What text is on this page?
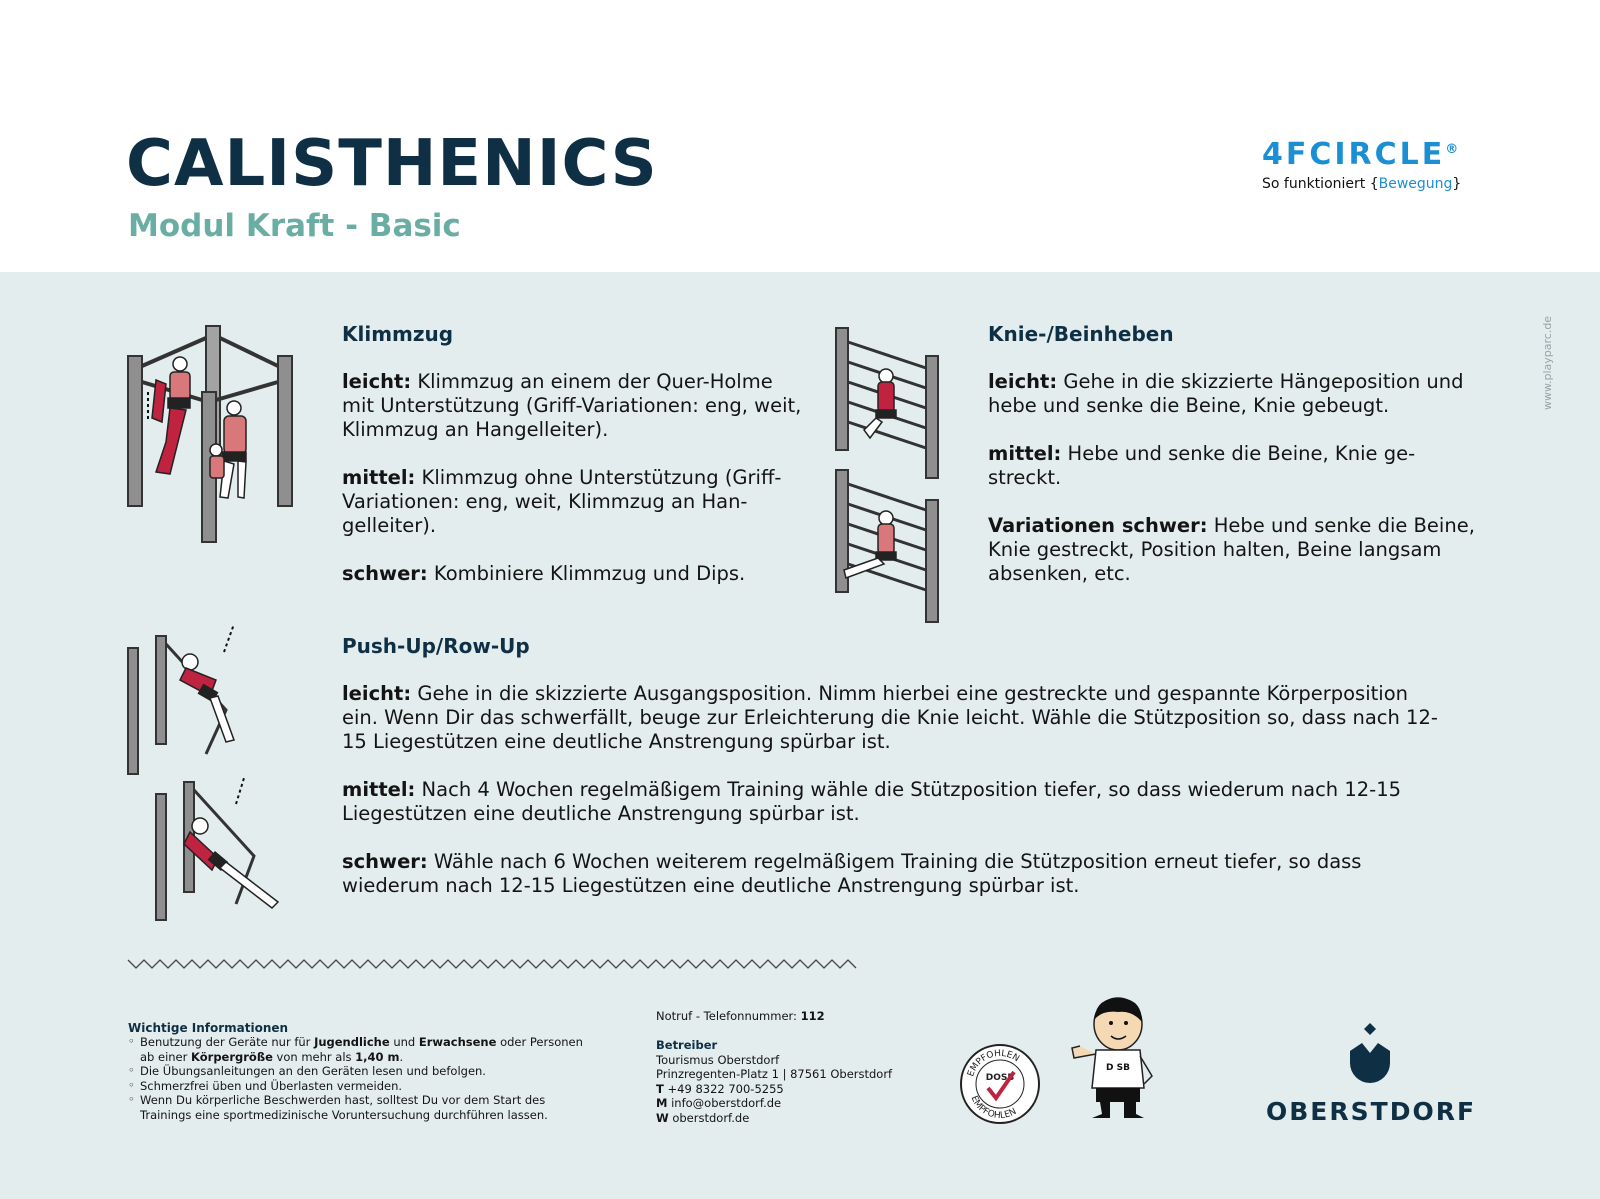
CALISTHENICS
Modul Kraft - Basic
4FCIRCLE®
So funktioniert {Bewegung}
www.playparc.de
Klimmzug

leicht: Klimmzug an einem der Quer-Holme mit Unterstützung (Griff-Variationen: eng, weit, Klimmzug an Hangelleiter).

mittel: Klimmzug ohne Unterstützung (Griff-Variationen: eng, weit, Klimmzug an Han-gelleiter).

schwer: Kombiniere Klimmzug und Dips.

Knie-/Beinheben

leicht: Gehe in die skizzierte Hängeposition und hebe und senke die Beine, Knie gebeugt.

mittel: Hebe und senke die Beine, Knie ge-streckt.

Variationen schwer: Hebe und senke die Beine, Knie gestreckt, Position halten, Beine langsam absenken, etc.

Push-Up/Row-Up

leicht: Gehe in die skizzierte Ausgangsposition. Nimm hierbei eine gestreckte und gespannte Körperposition ein. Wenn Dir das schwerfällt, beuge zur Erleichterung die Knie leicht. Wähle die Stützposition so, dass nach 12-15 Liegestützen eine deutliche Anstrengung spürbar ist.

mittel: Nach 4 Wochen regelmäßigem Training wähle die Stützposition tiefer, so dass wiederum nach 12-15 Liegestützen eine deutliche Anstrengung spürbar ist.

schwer: Wähle nach 6 Wochen weiterem regelmäßigem Training die Stützposition erneut tiefer, so dass wiederum nach 12-15 Liegestützen eine deutliche Anstrengung spürbar ist.

Wichtige Informationen
◦ Benutzung der Geräte nur für Jugendliche und Erwachsene oder Personen ab einer Körpergröße von mehr als 1,40 m.
◦ Die Übungsanleitungen an den Geräten lesen und befolgen.
◦ Schmerzfrei üben und Überlasten vermeiden.
◦ Wenn Du körperliche Beschwerden hast, solltest Du vor dem Start des Trainings eine sportmedizinische Voruntersuchung durchführen lassen.
Notruf - Telefonnummer: 112
Betreiber
Tourismus Oberstdorf
Prinzregenten-Platz 1 | 87561 Oberstdorf
T +49 8322 700-5255
M info@oberstdorf.de
W oberstdorf.de
EMPFOHLEN
EMPFOHLEN
DOSB
D SB
OBERSTDORF
